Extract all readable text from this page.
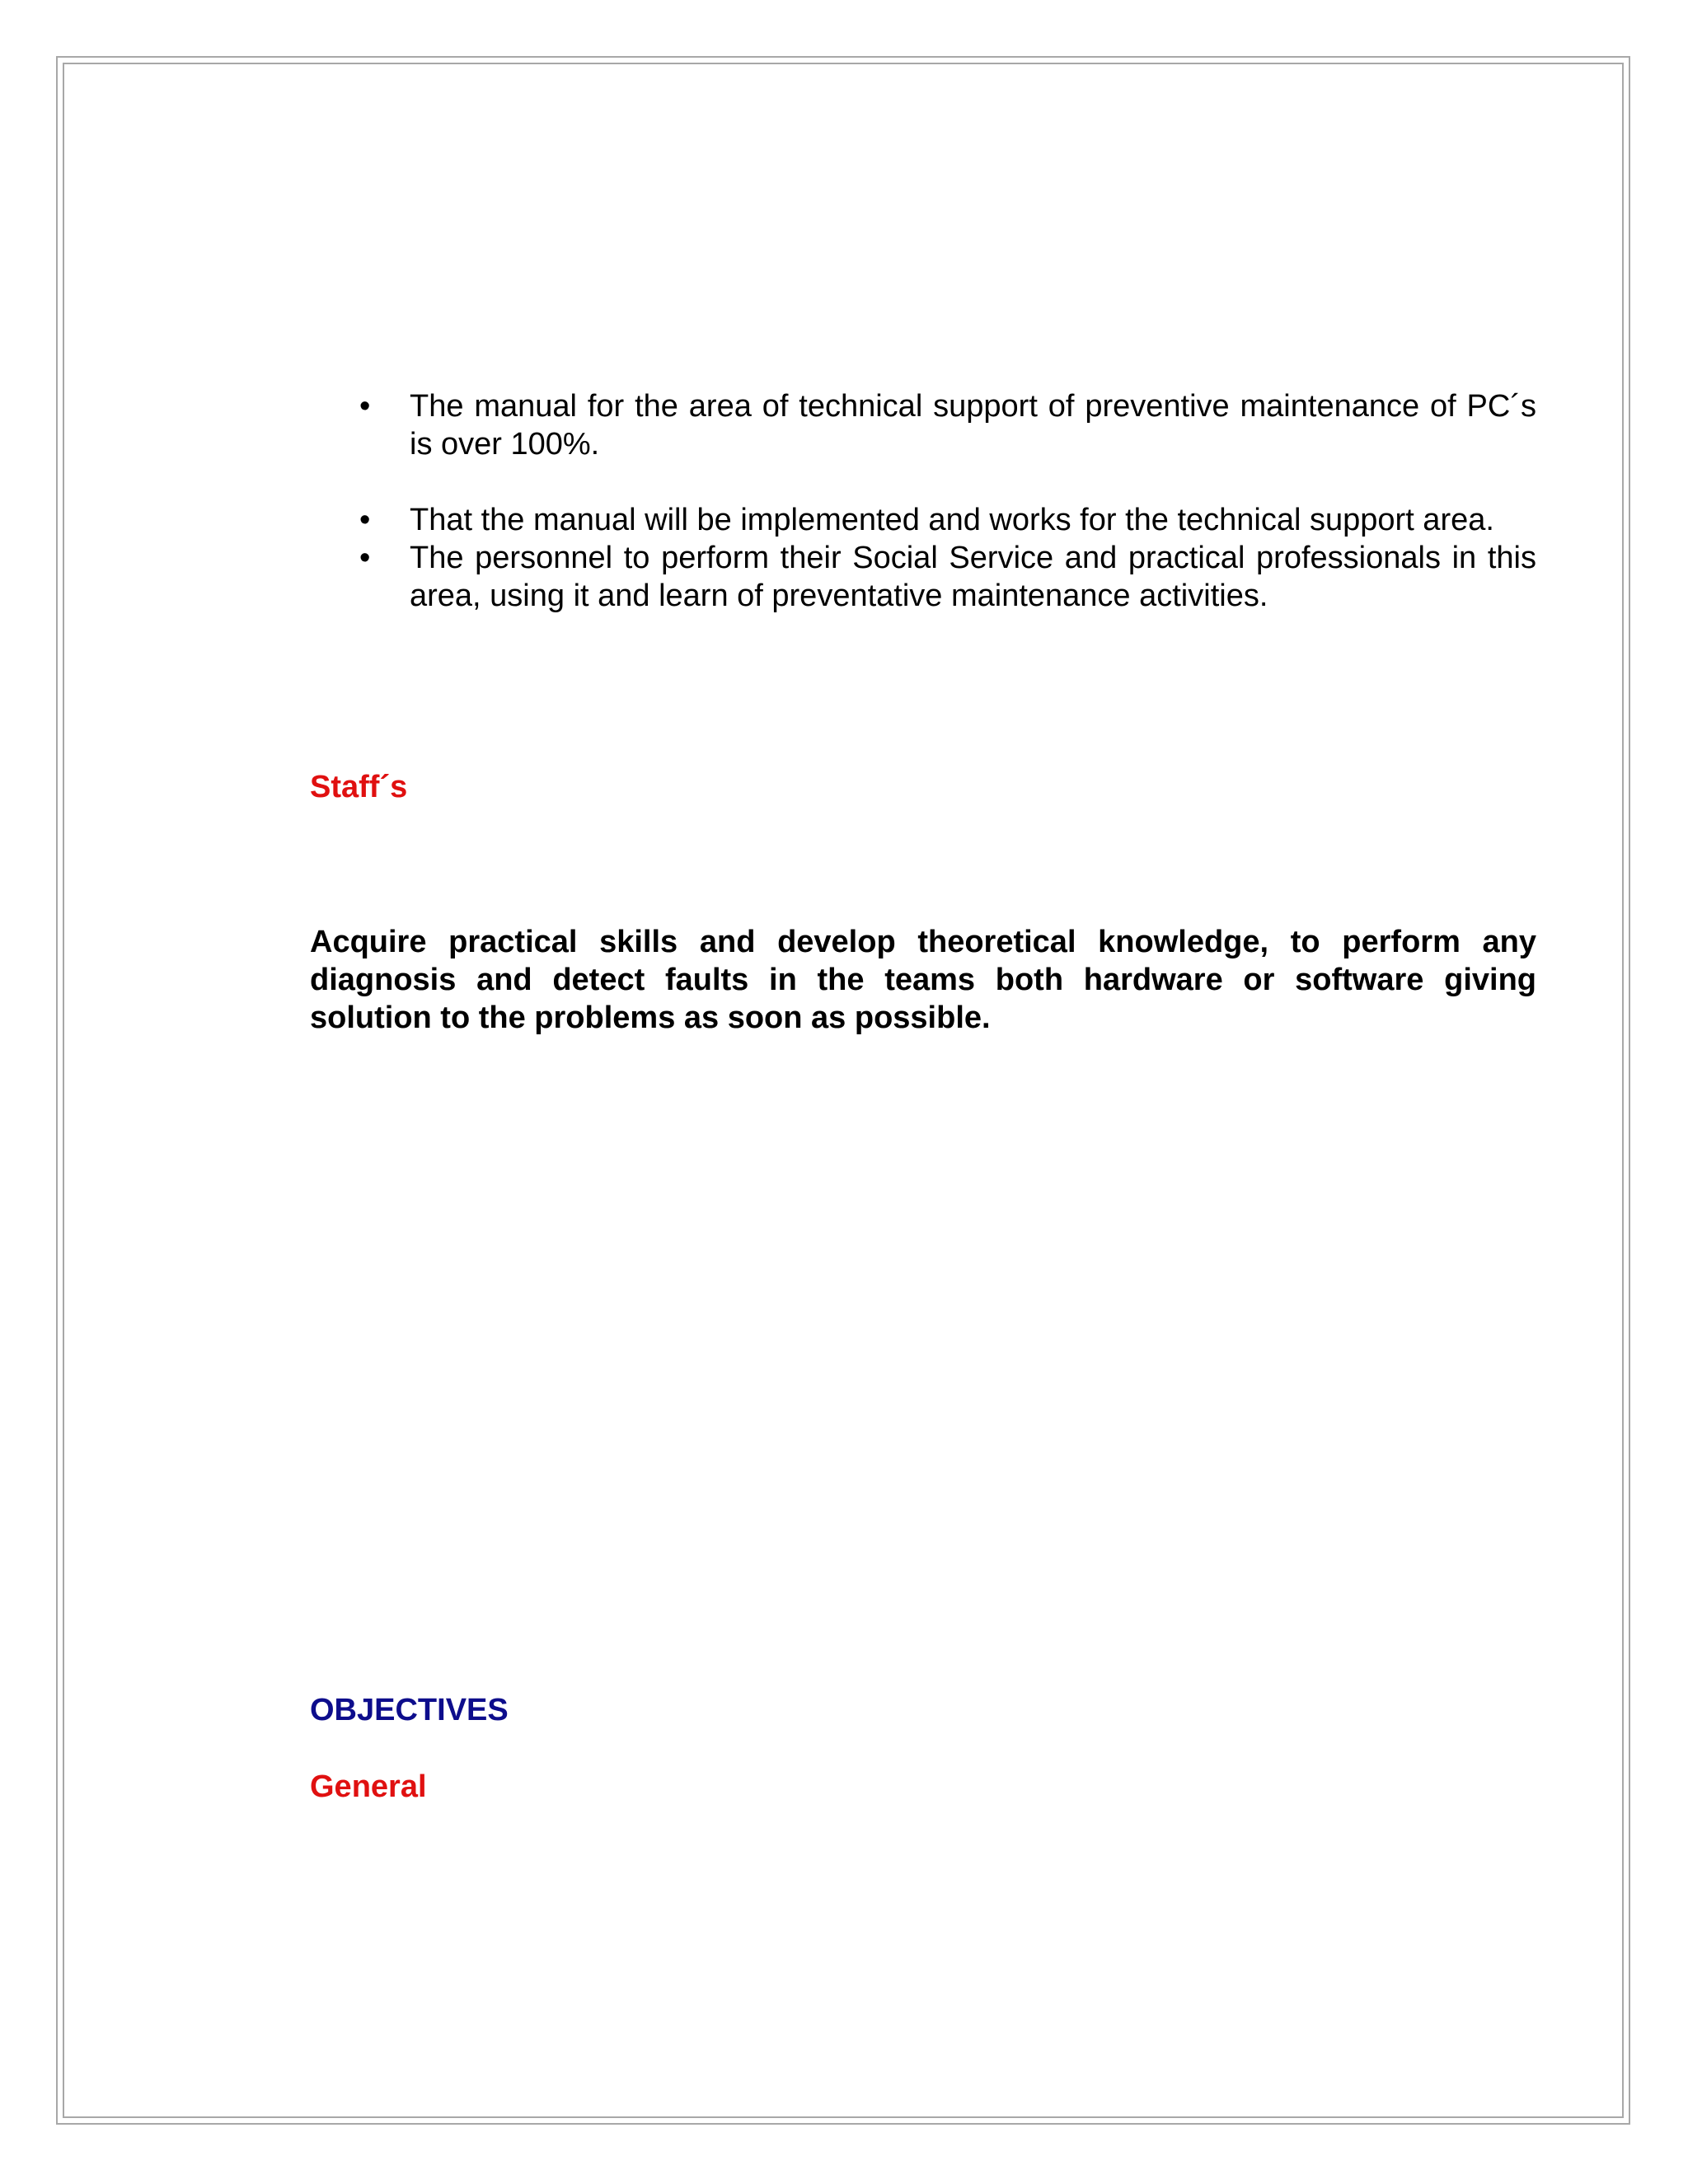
• The manual for the area of technical support of preventive maintenance of PC´s is over 100%.
• That the manual will be implemented and works for the technical support area.
• The personnel to perform their Social Service and practical professionals in this area, using it and learn of preventative maintenance activities.
Staff´s

Acquire practical skills and develop theoretical knowledge, to perform any diagnosis and detect faults in the teams both hardware or software giving solution to the problems as soon as possible.

OBJECTIVES
General
